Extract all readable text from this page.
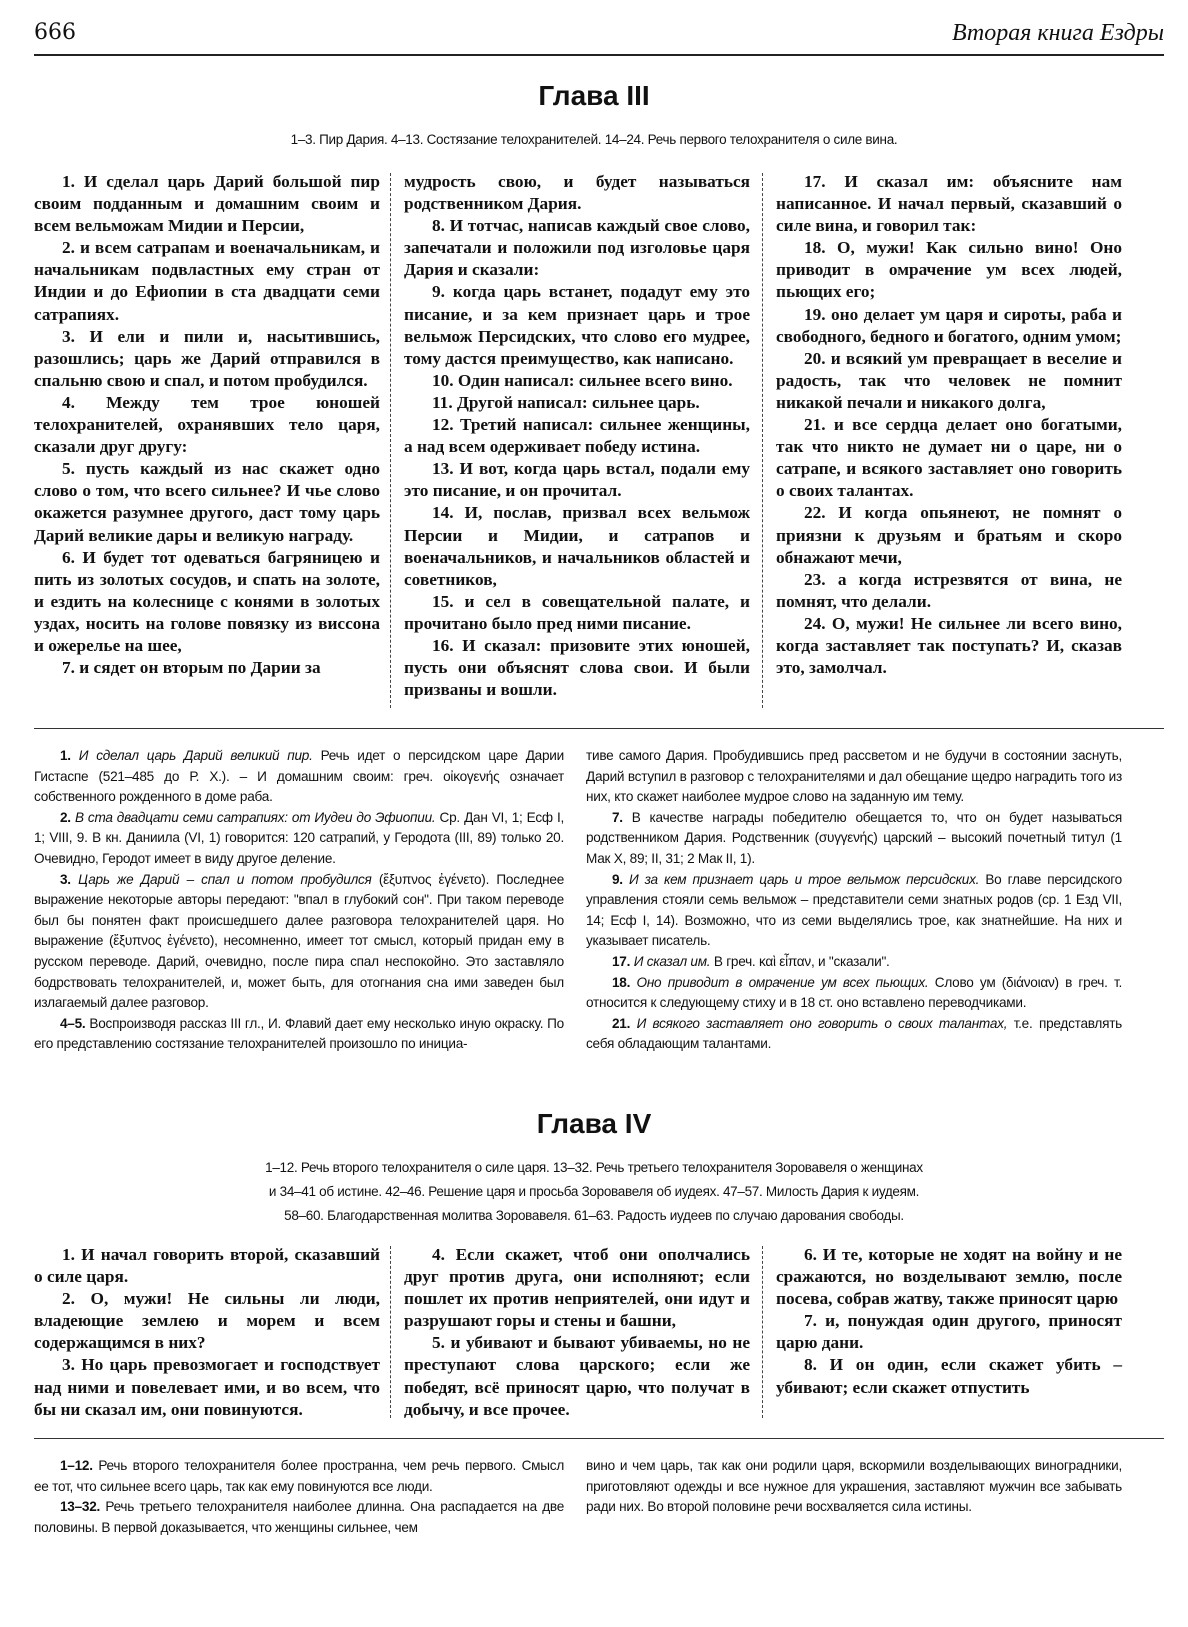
666	Вторая книга Ездры
Глава III
1–3. Пир Дария. 4–13. Состязание телохранителей. 14–24. Речь первого телохранителя о силе вина.

1. И сделал царь Дарий большой пир своим подданным и домашним своим и всем вельможам Мидии и Персии,

2. и всем сатрапам и военачальникам, и начальникам подвластных ему стран от Индии и до Ефиопии в ста двадцати семи сатрапиях.

3. И ели и пили и, насытившись, разошлись; царь же Дарий отправился в спальню свою и спал, и потом пробудился.

4. Между тем трое юношей телохранителей, охранявших тело царя, сказали друг другу:

5. пусть каждый из нас скажет одно слово о том, что всего сильнее? И чье слово окажется разумнее другого, даст тому царь Дарий великие дары и великую награду.

6. И будет тот одеваться багряницею и пить из золотых сосудов, и спать на золоте, и ездить на колеснице с конями в золотых уздах, носить на голове повязку из виссона и ожерелье на шее,

7. и сядет он вторым по Дарии за

мудрость свою, и будет называться родственником Дария.

8. И тотчас, написав каждый свое слово, запечатали и положили под изголовье царя Дария и сказали:

9. когда царь встанет, подадут ему это писание, и за кем признает царь и трое вельмож Персидских, что слово его мудрее, тому дастся преимущество, как написано.

10. Один написал: сильнее всего вино.

11. Другой написал: сильнее царь.

12. Третий написал: сильнее женщины, а над всем одерживает победу истина.

13. И вот, когда царь встал, подали ему это писание, и он прочитал.

14. И, послав, призвал всех вельмож Персии и Мидии, и сатрапов и военачальников, и начальников областей и советников,

15. и сел в совещательной палате, и прочитано было пред ними писание.

16. И сказал: призовите этих юношей, пусть они объяснят слова свои. И были призваны и вошли.

17. И сказал им: объясните нам написанное. И начал первый, сказавший о силе вина, и говорил так:

18. О, мужи! Как сильно вино! Оно приводит в омрачение ум всех людей, пьющих его;

19. оно делает ум царя и сироты, раба и свободного, бедного и богатого, одним умом;

20. и всякий ум превращает в веселие и радость, так что человек не помнит никакой печали и никакого долга,

21. и все сердца делает оно богатыми, так что никто не думает ни о царе, ни о сатрапе, и всякого заставляет оно говорить о своих талантах.

22. И когда опьянеют, не помнят о приязни к друзьям и братьям и скоро обнажают мечи,

23. а когда истрезвятся от вина, не помнят, что делали.

24. О, мужи! Не сильнее ли всего вино, когда заставляет так поступать? И, сказав это, замолчал.

1. И сделал царь Дарий великий пир. Речь идет о персидском царе Дарии Гистаспе (521–485 до Р. Х.). – И домашним своим: греч. οἰκογενής означает собственного рожденного в доме раба.

2. В ста двадцати семи сатрапиях: от Иудеи до Эфиопии. Ср. Дан VI, 1; Есф I, 1; VIII, 9. В кн. Даниила (VI, 1) говорится: 120 сатрапий, у Геродота (III, 89) только 20. Очевидно, Геродот имеет в виду другое деление.

3. Царь же Дарий – спал и потом пробудился (ἔξυπνος ἐγένετο). Последнее выражение некоторые авторы передают: "впал в глубокий сон". При таком переводе был бы понятен факт происшедшего далее разговора телохранителей царя. Но выражение (ἔξυπνος ἐγένετο), несомненно, имеет тот смысл, который придан ему в русском переводе. Дарий, очевидно, после пира спал неспокойно. Это заставляло бодрствовать телохранителей, и, может быть, для отогнания сна ими заведен был излагаемый далее разговор.

4–5. Воспроизводя рассказ III гл., И. Флавий дает ему несколько иную окраску. По его представлению состязание телохранителей произошло по инициа-

тиве самого Дария. Пробудившись пред рассветом и не будучи в состоянии заснуть, Дарий вступил в разговор с телохранителями и дал обещание щедро наградить того из них, кто скажет наиболее мудрое слово на заданную им тему.

7. В качестве награды победителю обещается то, что он будет называться родственником Дария. Родственник (συγγενής) царский – высокий почетный титул (1 Мак X, 89; II, 31; 2 Мак II, 1).

9. И за кем признает царь и трое вельмож персидских. Во главе персидского управления стояли семь вельмож – представители семи знатных родов (ср. 1 Езд VII, 14; Есф I, 14). Возможно, что из семи выделялись трое, как знатнейшие. На них и указывает писатель.

17. И сказал им. В греч. καὶ εἶπαν, и "сказали".

18. Оно приводит в омрачение ум всех пьющих. Слово ум (διάνοιαν) в греч. т. относится к следующему стиху и в 18 ст. оно вставлено переводчиками.

21. И всякого заставляет оно говорить о своих талантах, т.е. представлять себя обладающим талантами.

Глава IV
1–12. Речь второго телохранителя о силе царя. 13–32. Речь третьего телохранителя Зоровавеля о женщинах
и 34–41 об истине. 42–46. Решение царя и просьба Зоровавеля об иудеях. 47–57. Милость Дария к иудеям.
58–60. Благодарственная молитва Зоровавеля. 61–63. Радость иудеев по случаю дарования свободы.

1. И начал говорить второй, сказавший о силе царя.

2. О, мужи! Не сильны ли люди, владеющие землею и морем и всем содержащимся в них?

3. Но царь превозмогает и господствует над ними и повелевает ими, и во всем, что бы ни сказал им, они повинуются.

4. Если скажет, чтоб они ополчались друг против друга, они исполняют; если пошлет их против неприятелей, они идут и разрушают горы и стены и башни,

5. и убивают и бывают убиваемы, но не преступают слова царского; если же победят, всё приносят царю, что получат в добычу, и все прочее.

6. И те, которые не ходят на войну и не сражаются, но возделывают землю, после посева, собрав жатву, также приносят царю

7. и, понуждая один другого, приносят царю дани.

8. И он один, если скажет убить – убивают; если скажет отпустить

1–12. Речь второго телохранителя более пространна, чем речь первого. Смысл ее тот, что сильнее всего царь, так как ему повинуются все люди.

13–32. Речь третьего телохранителя наиболее длинна. Она распадается на две половины. В первой доказывается, что женщины сильнее, чем

вино и чем царь, так как они родили царя, вскормили возделывающих виноградники, приготовляют одежды и все нужное для украшения, заставляют мужчин все забывать ради них. Во второй половине речи восхваляется сила истины.
